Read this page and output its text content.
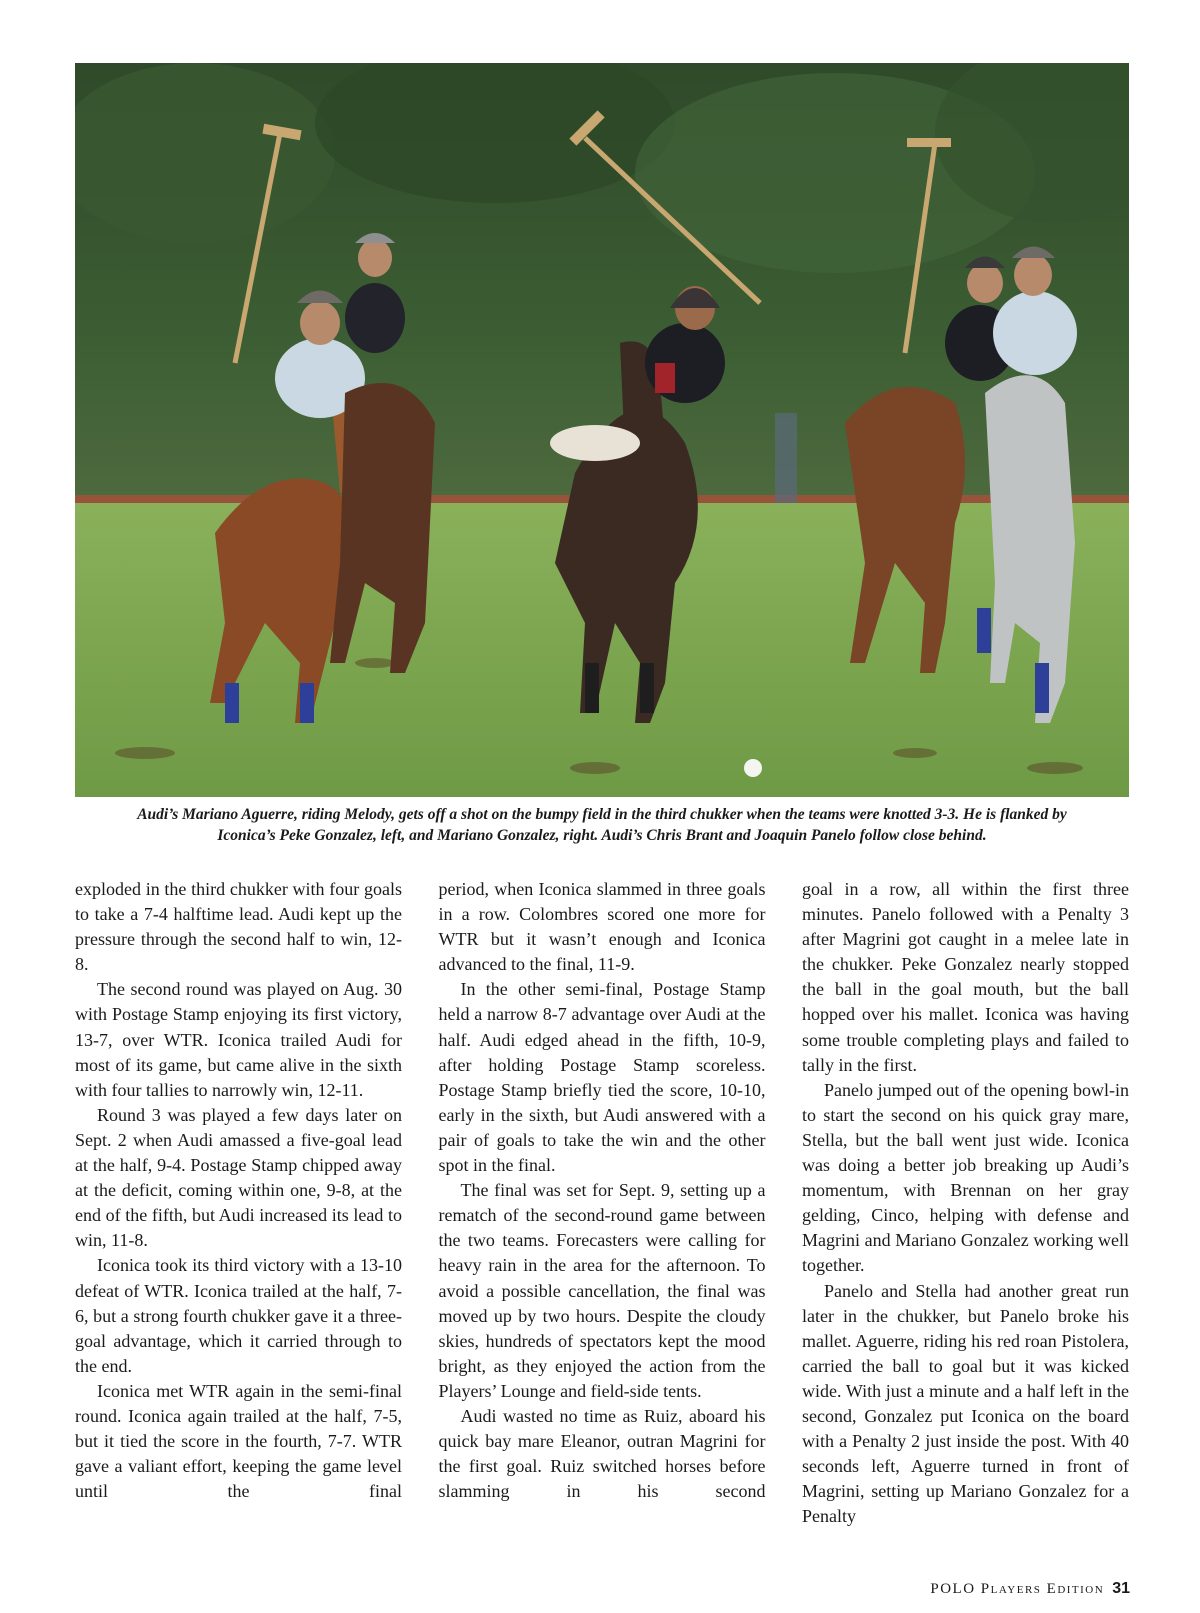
Audi’s Mariano Aguerre, riding Melody, gets off a shot on the bumpy field in the third chukker when the teams were knotted 3-3. He is flanked by Iconica’s Peke Gonzalez, left, and Mariano Gonzalez, right. Audi’s Chris Brant and Joaquin Panelo follow close behind.

exploded in the third chukker with four goals to take a 7-4 halftime lead. Audi kept up the pressure through the second half to win, 12-8.

The second round was played on Aug. 30 with Postage Stamp enjoying its first victory, 13-7, over WTR. Iconica trailed Audi for most of its game, but came alive in the sixth with four tallies to narrowly win, 12-11.

Round 3 was played a few days later on Sept. 2 when Audi amassed a five-goal lead at the half, 9-4. Postage Stamp chipped away at the deficit, coming within one, 9-8, at the end of the fifth, but Audi increased its lead to win, 11-8.

Iconica took its third victory with a 13-10 defeat of WTR. Iconica trailed at the half, 7-6, but a strong fourth chukker gave it a three-goal advantage, which it carried through to the end.

Iconica met WTR again in the semi-final round. Iconica again trailed at the half, 7-5, but it tied the score in the fourth, 7-7. WTR gave a valiant effort, keeping the game level until the final

period, when Iconica slammed in three goals in a row. Colombres scored one more for WTR but it wasn’t enough and Iconica advanced to the final, 11-9.

In the other semi-final, Postage Stamp held a narrow 8-7 advantage over Audi at the half. Audi edged ahead in the fifth, 10-9, after holding Postage Stamp scoreless. Postage Stamp briefly tied the score, 10-10, early in the sixth, but Audi answered with a pair of goals to take the win and the other spot in the final.

The final was set for Sept. 9, setting up a rematch of the second-round game between the two teams. Forecasters were calling for heavy rain in the area for the afternoon. To avoid a possible cancellation, the final was moved up by two hours. Despite the cloudy skies, hundreds of spectators kept the mood bright, as they enjoyed the action from the Players’ Lounge and field-side tents.

Audi wasted no time as Ruiz, aboard his quick bay mare Eleanor, outran Magrini for the first goal. Ruiz switched horses before slamming in his second

goal in a row, all within the first three minutes. Panelo followed with a Penalty 3 after Magrini got caught in a melee late in the chukker. Peke Gonzalez nearly stopped the ball in the goal mouth, but the ball hopped over his mallet. Iconica was having some trouble completing plays and failed to tally in the first.

Panelo jumped out of the opening bowl-in to start the second on his quick gray mare, Stella, but the ball went just wide. Iconica was doing a better job breaking up Audi’s momentum, with Brennan on her gray gelding, Cinco, helping with defense and Magrini and Mariano Gonzalez working well together.

Panelo and Stella had another great run later in the chukker, but Panelo broke his mallet. Aguerre, riding his red roan Pistolera, carried the ball to goal but it was kicked wide. With just a minute and a half left in the second, Gonzalez put Iconica on the board with a Penalty 2 just inside the post. With 40 seconds left, Aguerre turned in front of Magrini, setting up Mariano Gonzalez for a Penalty

POLO Players Edition 31
